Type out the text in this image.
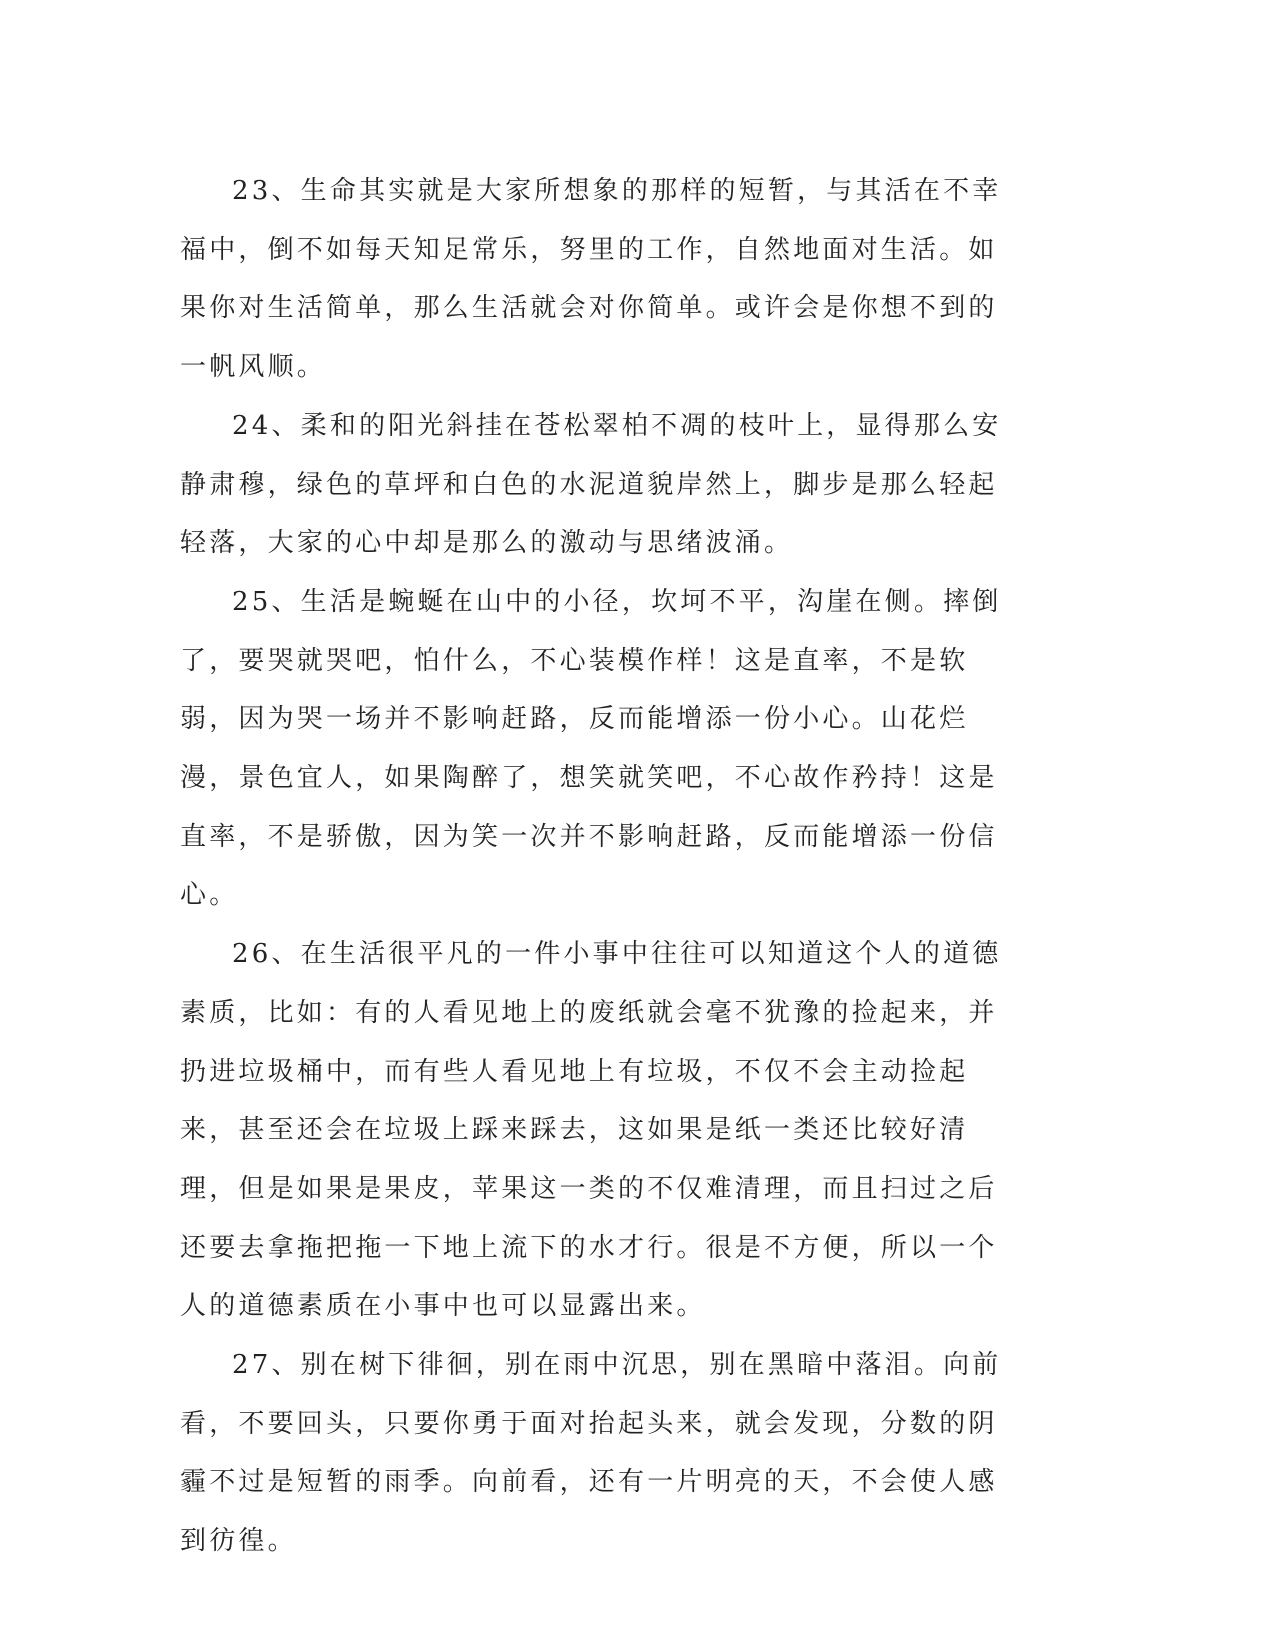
23、生命其实就是大家所想象的那样的短暂，与其活在不幸福中，倒不如每天知足常乐，努里的工作，自然地面对生活。如果你对生活简单，那么生活就会对你简单。或许会是你想不到的一帆风顺。

24、柔和的阳光斜挂在苍松翠柏不凋的枝叶上，显得那么安静肃穆，绿色的草坪和白色的水泥道貌岸然上，脚步是那么轻起轻落，大家的心中却是那么的激动与思绪波涌。

25、生活是蜿蜒在山中的小径，坎坷不平，沟崖在侧。摔倒了，要哭就哭吧，怕什么，不心装模作样！这是直率，不是软弱，因为哭一场并不影响赶路，反而能增添一份小心。山花烂漫，景色宜人，如果陶醉了，想笑就笑吧，不心故作矜持！这是直率，不是骄傲，因为笑一次并不影响赶路，反而能增添一份信心。

26、在生活很平凡的一件小事中往往可以知道这个人的道德素质，比如：有的人看见地上的废纸就会毫不犹豫的捡起来，并扔进垃圾桶中，而有些人看见地上有垃圾，不仅不会主动捡起来，甚至还会在垃圾上踩来踩去，这如果是纸一类还比较好清理，但是如果是果皮，苹果这一类的不仅难清理，而且扫过之后还要去拿拖把拖一下地上流下的水才行。很是不方便，所以一个人的道德素质在小事中也可以显露出来。

27、别在树下徘徊，别在雨中沉思，别在黑暗中落泪。向前看，不要回头，只要你勇于面对抬起头来，就会发现，分数的阴霾不过是短暂的雨季。向前看，还有一片明亮的天，不会使人感到彷徨。
